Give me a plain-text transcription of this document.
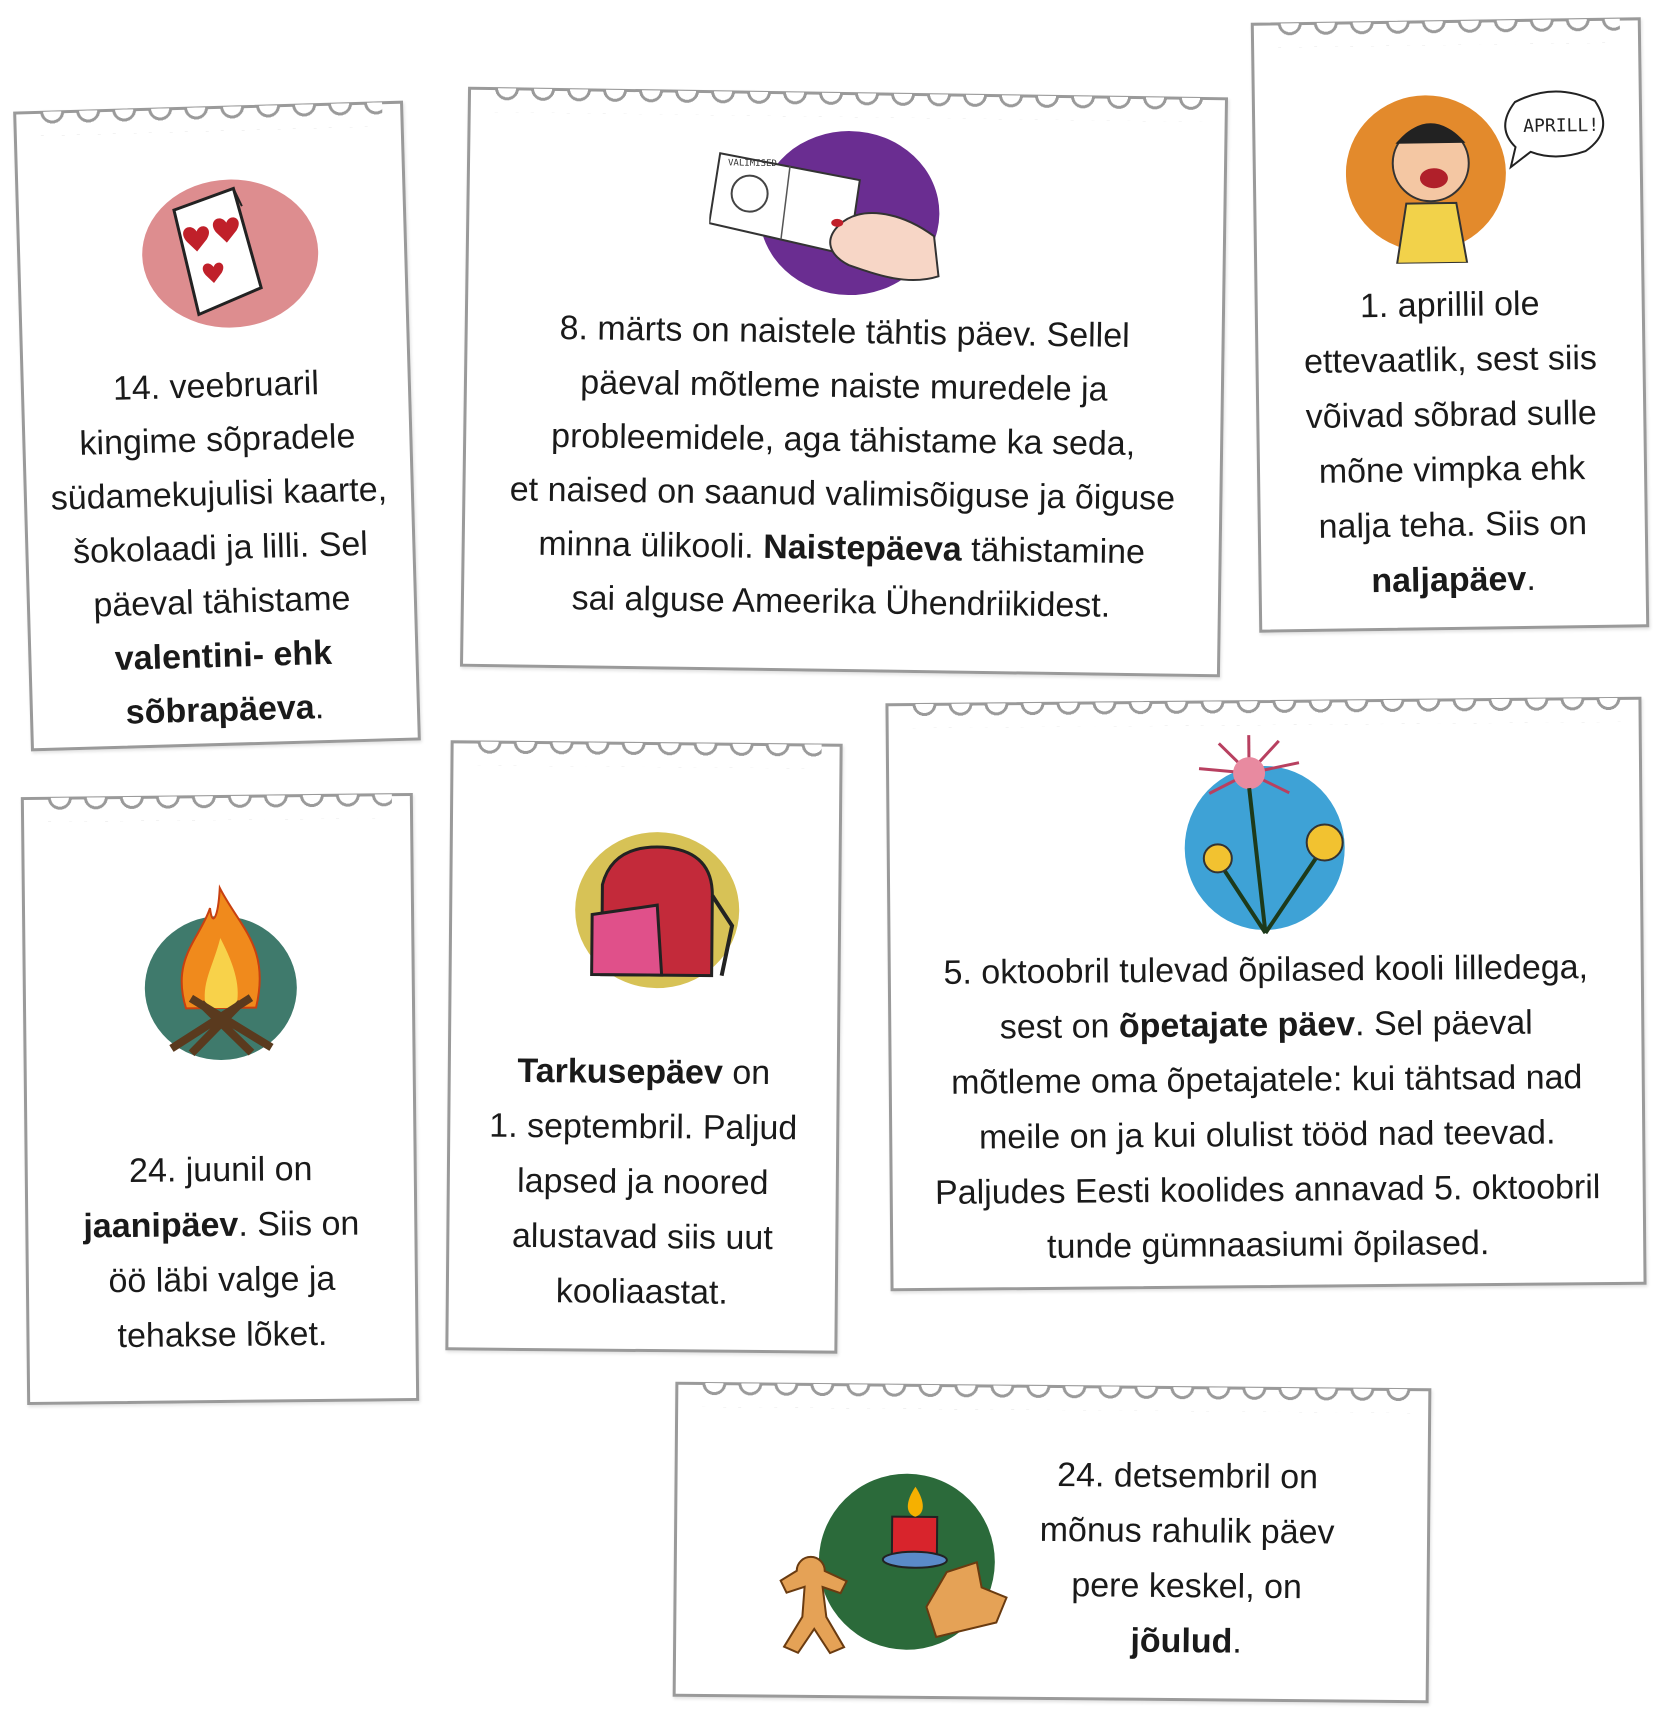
14. veebruaril
kingime sõpradele
südamekujulisi kaarte,
šokolaadi ja lilli. Sel
päeval tähistame
valentini- ehk
sõbrapäeva.
VALIMISED
8. märts on naistele tähtis päev. Sellel
päeval mõtleme naiste muredele ja
probleemidele, aga tähistame ka seda,
et naised on saanud valimisõiguse ja õiguse
minna ülikooli. Naistepäeva tähistamine
sai alguse Ameerika Ühendriikidest.
APRILL!
1. aprillil ole
ettevaatlik, sest siis
võivad sõbrad sulle
mõne vimpka ehk
nalja teha. Siis on
naljapäev.
24. juunil on
jaanipäev. Siis on
öö läbi valge ja
tehakse lõket.
Tarkusepäev on
1. septembril. Paljud
lapsed ja noored
alustavad siis uut
kooliaastat.
5. oktoobril tulevad õpilased kooli lilledega,
sest on õpetajate päev. Sel päeval
mõtleme oma õpetajatele: kui tähtsad nad
meile on ja kui olulist tööd nad teevad.
Paljudes Eesti koolides annavad 5. oktoobril
tunde gümnaasiumi õpilased.
24. detsembril on
mõnus rahulik päev
pere keskel, on
jõulud.
